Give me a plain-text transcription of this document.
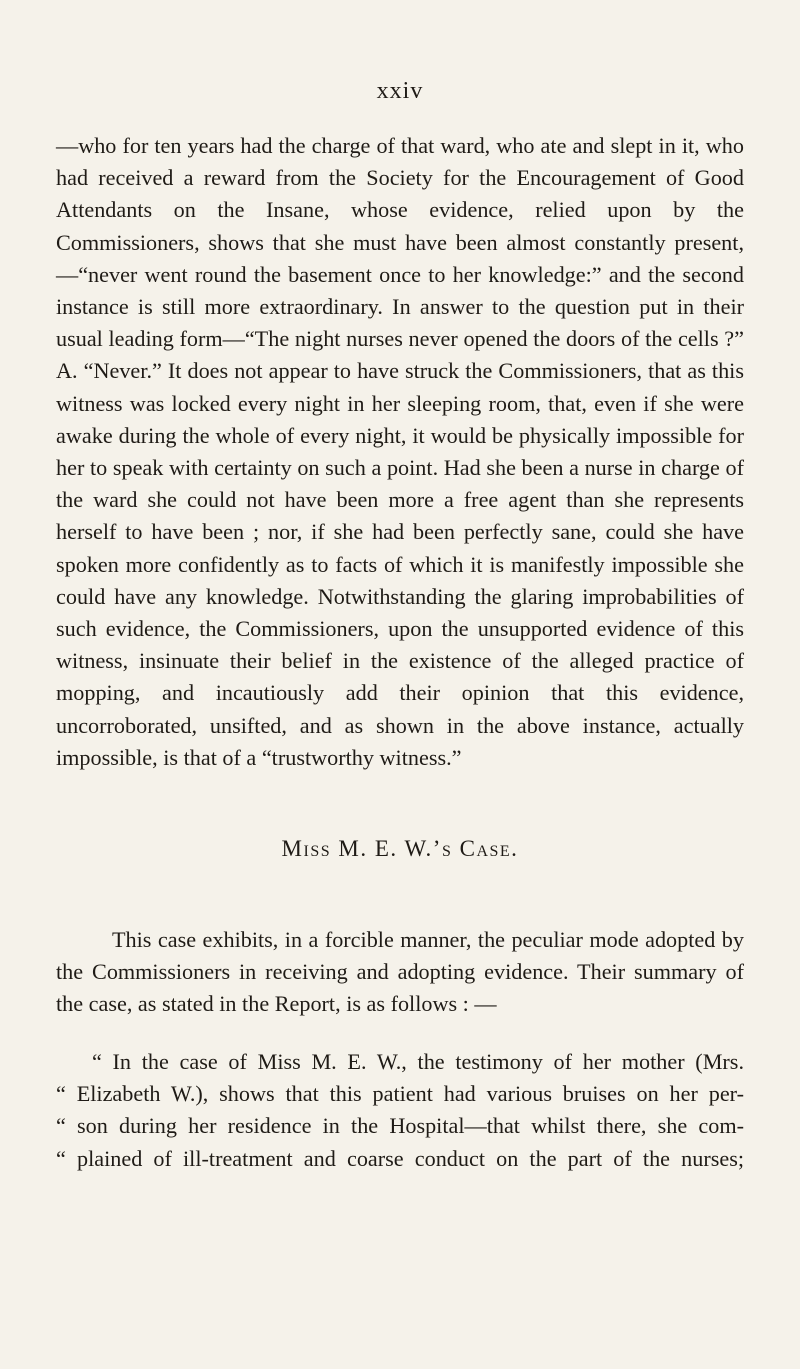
xxiv

—who for ten years had the charge of that ward, who ate and slept in it, who had received a reward from the Society for the Encouragement of Good Attendants on the Insane, whose evidence, relied upon by the Commissioners, shows that she must have been almost constantly present,—“never went round the basement once to her knowledge:” and the second instance is still more extraordinary. In answer to the question put in their usual leading form—“The night nurses never opened the doors of the cells ?” A. “Never.” It does not appear to have struck the Commissioners, that as this witness was locked every night in her sleeping room, that, even if she were awake during the whole of every night, it would be physically impossible for her to speak with certainty on such a point. Had she been a nurse in charge of the ward she could not have been more a free agent than she represents herself to have been ; nor, if she had been perfectly sane, could she have spoken more confidently as to facts of which it is manifestly impossible she could have any knowledge. Notwithstanding the glaring improbabilities of such evidence, the Commissioners, upon the unsupported evidence of this witness, insinuate their belief in the existence of the alleged practice of mopping, and incautiously add their opinion that this evidence, uncorroborated, unsifted, and as shown in the above instance, actually impossible, is that of a “trustworthy witness.”

Miss M. E. W.’s Case.

This case exhibits, in a forcible manner, the peculiar mode adopted by the Commissioners in receiving and adopting evidence. Their summary of the case, as stated in the Report, is as follows : —

“ In the case of Miss M. E. W., the testimony of her mother (Mrs.
“ Elizabeth W.), shows that this patient had various bruises on her per-
“ son during her residence in the Hospital—that whilst there, she com-
“ plained of ill-treatment and coarse conduct on the part of the nurses;
